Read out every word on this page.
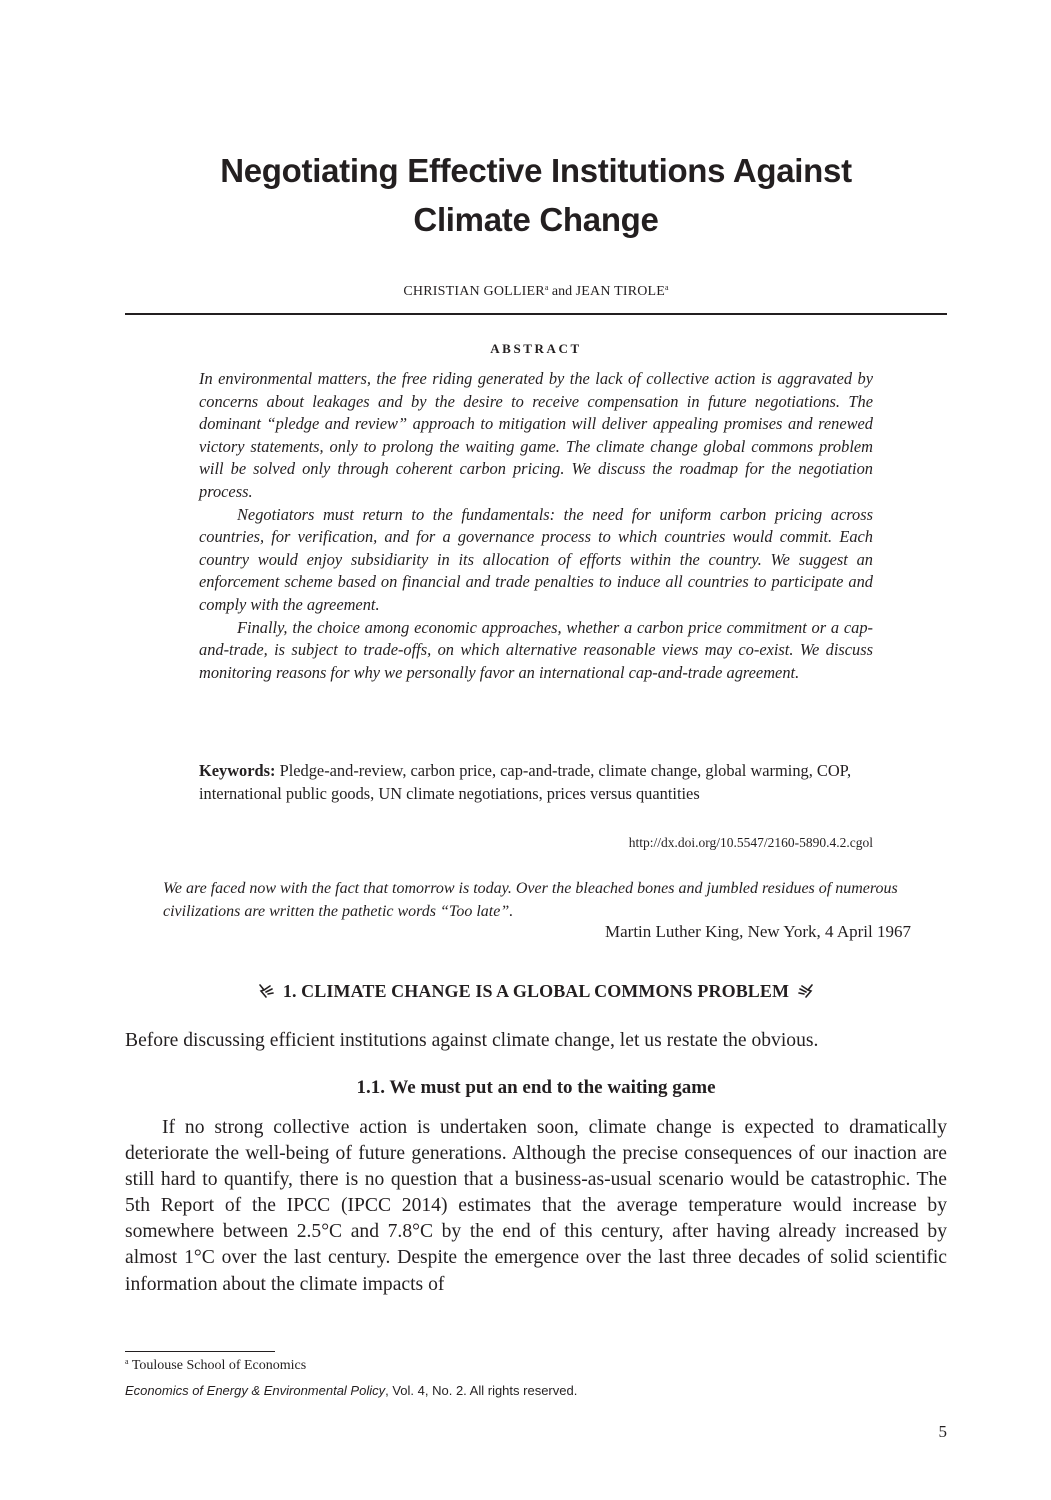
Negotiating Effective Institutions Against
Climate Change
CHRISTIAN GOLLIER$^a$ and JEAN TIROLE$^a$
ABSTRACT

In environmental matters, the free riding generated by the lack of collective action is aggravated by concerns about leakages and by the desire to receive compensation in future negotiations. The dominant “pledge and review” approach to mitigation will deliver appealing promises and renewed victory statements, only to prolong the waiting game. The climate change global commons problem will be solved only through coherent carbon pricing. We discuss the roadmap for the negotiation process.

Negotiators must return to the fundamentals: the need for uniform carbon pricing across countries, for verification, and for a governance process to which countries would commit. Each country would enjoy subsidiarity in its allocation of efforts within the country. We suggest an enforcement scheme based on financial and trade penalties to induce all countries to participate and comply with the agreement.

Finally, the choice among economic approaches, whether a carbon price commitment or a cap-and-trade, is subject to trade-offs, on which alternative reasonable views may co-exist. We discuss monitoring reasons for why we personally favor an international cap-and-trade agreement.

Keywords: Pledge-and-review, carbon price, cap-and-trade, climate change, global warming, COP, international public goods, UN climate negotiations, prices versus quantities

http://dx.doi.org/10.5547/2160-5890.4.2.cgol

We are faced now with the fact that tomorrow is today. Over the bleached bones and jumbled residues of numerous civilizations are written the pathetic words “Too late”.

Martin Luther King, New York, 4 April 1967
1. CLIMATE CHANGE IS A GLOBAL COMMONS PROBLEM

Before discussing efficient institutions against climate change, let us restate the obvious.

1.1. We must put an end to the waiting game

If no strong collective action is undertaken soon, climate change is expected to dramatically deteriorate the well-being of future generations. Although the precise consequences of our inaction are still hard to quantify, there is no question that a business-as-usual scenario would be catastrophic. The 5th Report of the IPCC (IPCC 2014) estimates that the average temperature would increase by somewhere between 2.5°C and 7.8°C by the end of this century, after having already increased by almost 1°C over the last century. Despite the emergence over the last three decades of solid scientific information about the climate impacts of

$^a$ Toulouse School of Economics
Economics of Energy & Environmental Policy, Vol. 4, No. 2. All rights reserved.
5
